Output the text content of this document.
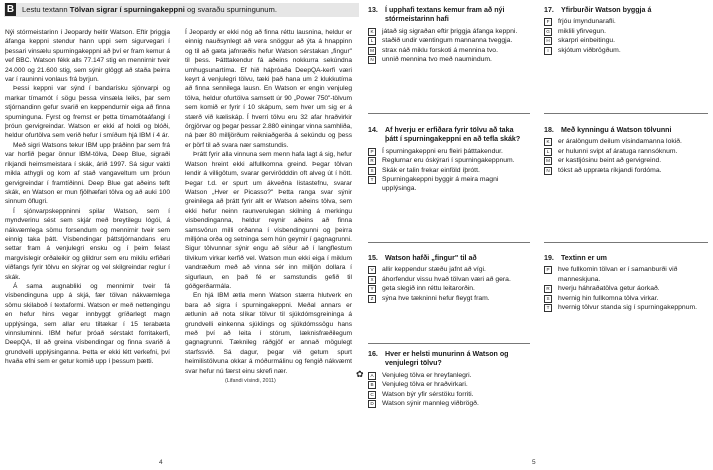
B Lestu textann Tölvan sigrar í spurningakeppni og svaraðu spurningunum.

Nýi stórmeistarinn í Jeopardy heitir Watson. Eftir þriggja áfanga keppni stendur hann uppi sem sigurvegari í þessari vinsælu spurningakeppni að því er fram kemur á vef BBC. Watson fékk alls 77.147 stig en mennirnir tveir 24.000 og 21.600 stig, sem sýnir glöggt að staða þeirra var í rauninni vonlaus frá byrjun.

Þessi keppni var sýnd í bandarísku sjónvarpi og markar tímamót í sögu þessa vinsæla leiks, þar sem stjórnandinn gefur svarið en keppendurnir eiga að finna spurninguna. Fyrst og fremst er þetta tímamótaáfangi í þróun gervigreindar. Watson er ekki af holdi og blóði, heldur ofurtölva sem verið hefur í smíðum hjá IBM í 4 ár.

Með sigri Watsons tekur IBM upp þráðinn þar sem frá var horfið þegar önnur IBM-tölva, Deep Blue, sigraði ríkjandi heimsmeistara í skák, árið 1997. Sá sigur vakti mikla athygli og kom af stað vangaveltum um þróun gervigreindar í framtíðinni. Deep Blue gat aðeins teflt skák, en Watson er mun fjölhæfari tölva og að auki 100 sinnum öflugri.

Í sjónvarpskeppninni spilar Watson, sem í myndverinu sést sem skjár með breytilegu lógói, á nákvæmlega sömu forsendum og mennirnir tveir sem einnig taka þátt. Vísbendingar þáttstjórnandans eru settar fram á venjulegri ensku og í þeim felast margvíslegir orðaleikir og glildrur sem eru mikilu erfiðari viðfangs fyrir tölvu en skýrar og vel skilgreindar reglur í skák.

Á sama augnabliki og mennirnir tveir fá vísbendinguna upp á skjá, fær tölvan nákvæmlega sömu skilaboð í textaformi. Watson er með nettengingu en hefur hins vegar innbyggt gríðarlegt magn upplýsinga, sem allar eru tiltækar í 15 terabæta vinnsluminni. IBM hefur þróað sérstakt forritakerfi, DeepQA, til að greina vísbendingar og finna svarið á grundvelli upplýsinganna. Þetta er ekki létt verkefni, því hvaða efni sem er getur komið upp í þessum þætti.

Í Jeopardy er ekki nóg að finna réttu lausnina, heldur er einnig nauðsynlegt að vera snöggur að ýta á hnappinn og til að gæta jafnræðis hefur Watson sérstakan „fingur" til þess. Þátttakendur fá aðeins nokkurra sekúndna umhugsunartíma. Ef hið háþróaða DeepQA-kerfi væri keyrt á venjulegri tölvu, tæki það hana um 2 klukkutíma að finna sennilega lausn. En Watson er engin venjuleg tölva, heldur ofurtölva samsett úr 90 „Power 750"-tölvum sem komið er fyrir í 10 skápum, sem hver um sig er á stærð við kæliskáp. Í hverri tölvu eru 32 afar hraðvirkir örgjörvar og þegar þessar 2.880 einingar vinna samhliða, ná þær 80 milljörðum reikniaðgerða á sekúndu og þess er þörf til að svara nær samstundis.

Þrátt fyrir alla vinnuna sem menn hafa lagt á sig, hefur Watson hreint ekki alfullkomna greind. Þegar tölvan lendir á villigötum, svarar gervirödddin oft alveg út í hött. Þegar t.d. er spurt um ákveðna listastefnu, svarar Watson „Hver er Picasso?" Þetta ranga svar sýnir greinilega að þrátt fyrir allt er Watson aðeins tölva, sem ekki hefur neinn raunverulegan skilning á merkingu vísbendinganna, heldur reynir aðeins að finna samsvörun milli orðanna í vísbendingunni og þeirra milljóna orða og setninga sem hún geymir í gagnagrunni. Sigur tölvunnar sýnir engu að síður að í langflestum tilvikum virkar kerfið vel. Watson mun ekki eiga í miklum vandræðum með að vinna sér inn milljón dollara í sigurlaun, en það fé er samstundis gefið til góðgerðarmála.

En hjá IBM ætla menn Watson stærra hlutverk en bara að sigra í spurningakeppni. Meðal annars er ætlunin að nota slíkar tölvur til sjúkdómsgreininga á grundvelli einkenna sjúklings og sjúkdómssögu hans með því að leita í stórum, læknisfræðilegum gagnagrunni. Tæknileg ráðgjöf er annað mögulegt starfssvið. Sá dagur, þegar við getum spurt heimilistölvuna okkar á móðurmálinu og fengið nákvæmt svar hefur nú færst einu skrefi nær.

(Lifandi vísindi, 2011)
4	5
✿
13.	Í upphafi textans kemur fram að nýi stórmeistarinn hafi
K	játað sig sigraðan eftir þriggja áfanga keppni.
L	staðið undir væntingum mannanna tveggja.
M	strax náð miklu forskoti á mennina tvo.
N	unnið mennina tvo með naumindum.
17.	Yfirburðir Watson byggja á
F	frjóu ímyndunarafli.
G	miklili yfirvegun.
H	skarpri einbeitingu.
I	skjótum viðbrögðum.
14.	Af hverju er erfiðara fyrir tölvu að taka þátt í spurningakeppni en að tefla skák?
P	Í spurningakeppni eru fleiri þátttakendur.
R	Reglurnar eru óskýrari í spurningakeppnum.
S	Skák er talin frekar einföld íþrótt.
T	Spurningakeppni byggir á meira magni upplýsinga.
18.	Með kynningu á Watson tölvunni
K	er áralöngum deilum vísindamanna lokið.
L	er hulunni svipt af áratuga rannsóknum.
M	er kastljósinu beint að gervigreind.
N	tókst að uppræta ríkjandi fordóma.
15.	Watson hafði „fingur" til að
V	allir keppendur stæðu jafnt að vígi.
X	áhorfendur vissu hvað tölvan væri að gera.
Y	geta slegið inn réttu leitarorðin.
Z	sýna hve tækninni hefur fleygt fram.
19.	Textinn er um
P	hve fullkomin tölvan er í samanburði við manneskjuna.
R	hverju háhraðatölva getur áorkað.
S	hvernig hin fullkomna tölva virkar.
T	hvernig tölvur standa sig í spurningakeppnum.
16.	Hver er helsti munurinn á Watson og venjulegri tölvu?
A	Venjuleg tölva er hreyfanlegri.
B	Venjuleg tölva er hraðvirkari.
C	Watson býr yfir sérstöku forriti.
D	Watson sýnir mannleg viðbrögð.
